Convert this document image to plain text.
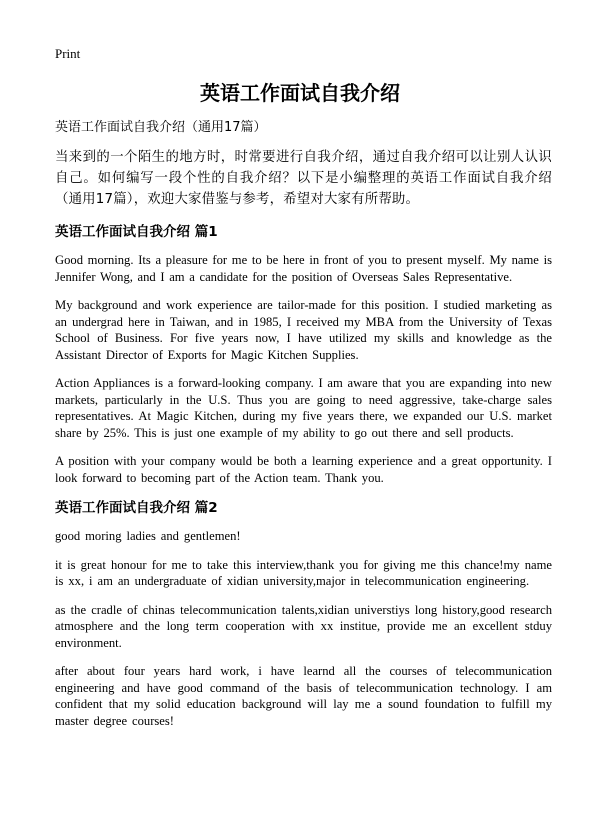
Print
英语工作面试自我介绍

英语工作面试自我介绍（通用17篇）

当来到的一个陌生的地方时，时常要进行自我介绍，通过自我介绍可以让别人认识自己。如何编写一段个性的自我介绍？以下是小编整理的英语工作面试自我介绍（通用17篇），欢迎大家借鉴与参考，希望对大家有所帮助。

英语工作面试自我介绍 篇1

Good morning. Its a pleasure for me to be here in front of you to present myself. My name is Jennifer Wong, and I am a candidate for the position of Overseas Sales Representative.

My background and work experience are tailor-made for this position. I studied marketing as an undergrad here in Taiwan, and in 1985, I received my MBA from the University of Texas School of Business. For five years now, I have utilized my skills and knowledge as the Assistant Director of Exports for Magic Kitchen Supplies.

Action Appliances is a forward-looking company. I am aware that you are expanding into new markets, particularly in the U.S. Thus you are going to need aggressive, take-charge sales representatives. At Magic Kitchen, during my five years there, we expanded our U.S. market share by 25%. This is just one example of my ability to go out there and sell products.

A position with your company would be both a learning experience and a great opportunity. I look forward to becoming part of the Action team. Thank you.

英语工作面试自我介绍 篇2

good moring ladies and gentlemen!

it is great honour for me to take this interview,thank you for giving me this chance!my name is xx, i am an undergraduate of xidian university,major in telecommunication engineering.

as the cradle of chinas telecommunication talents,xidian universtiys long history,good research atmosphere and the long term cooperation with xx institue, provide me an excellent stduy environment.

after about four years hard work, i have learnd all the courses of telecommunication engineering and have good command of the basis of telecommunication technology. I am confident that my solid education background will lay me a sound foundation to fulfill my master degree courses!
